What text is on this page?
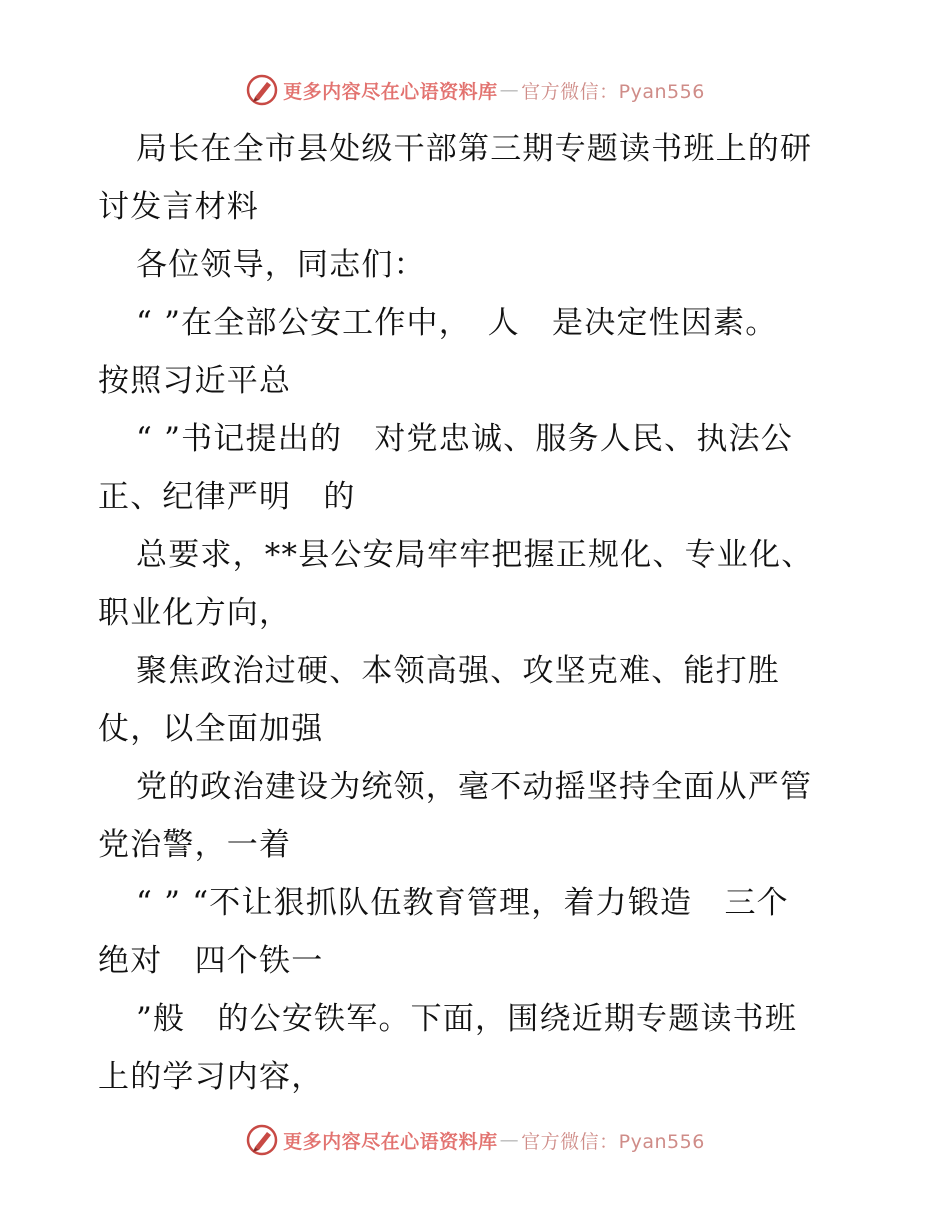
更多内容尽在心语资料库 — 官方微信：Pyan556
局长在全市县处级干部第三期专题读书班上的研
讨发言材料
各位领导，同志们：
“ ”在全部公安工作中，　人　是决定性因素。
按照习近平总
“ ”书记提出的　对党忠诚、服务人民、执法公
正、纪律严明　的
总要求，**县公安局牢牢把握正规化、专业化、
职业化方向，
聚焦政治过硬、本领高强、攻坚克难、能打胜
仗，以全面加强
党的政治建设为统领，毫不动摇坚持全面从严管
党治警，一着
“ ” “不让狠抓队伍教育管理，着力锻造　三个
绝对　四个铁一
”般　的公安铁军。下面，围绕近期专题读书班
上的学习内容，
更多内容尽在心语资料库 — 官方微信：Pyan556
